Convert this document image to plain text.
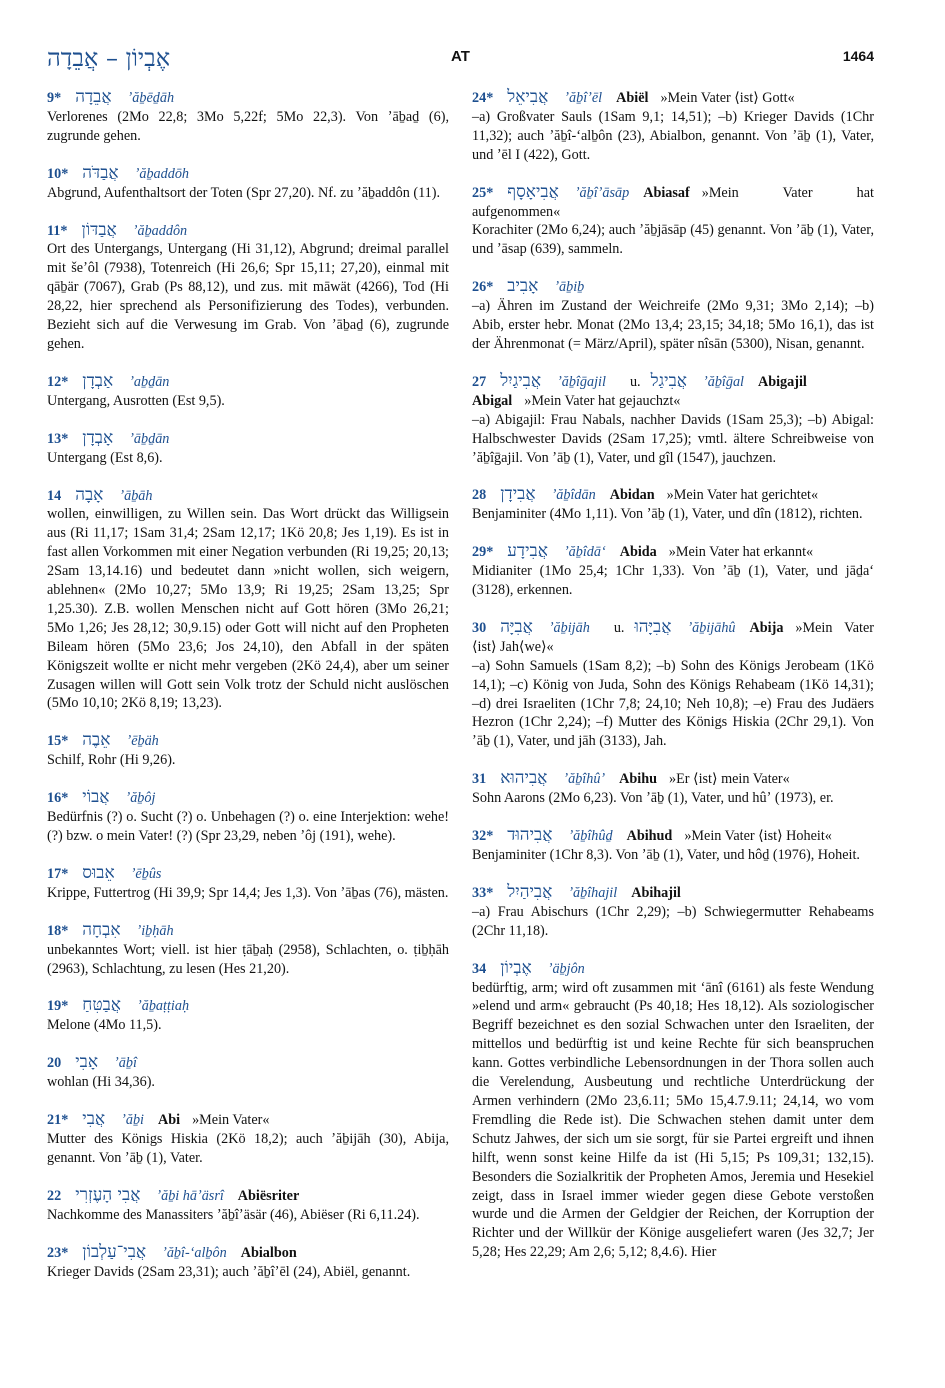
אֶבְיוֹן – אֲבֵדָה	AT	1464
9* אֲבֵדָה ʼăḇēḏāh
Verlorenes (2Mo 22,8; 3Mo 5,22f; 5Mo 22,3). Von ʼāḇaḏ (6), zugrunde gehen.
10* אֲבַדֹּה ʼăḇaddōh
Abgrund, Aufenthaltsort der Toten (Spr 27,20). Nf. zu ʼăḇaddôn (11).
11* אֲבַדּוֹן ʼăḇaddôn
Ort des Untergangs, Untergang (Hi 31,12), Abgrund; dreimal parallel mit šeʼôl (7938), Totenreich (Hi 26,6; Spr 15,11; 27,20), einmal mit qāḇär (7067), Grab (Ps 88,12), und zus. mit māwät (4266), Tod (Hi 28,22, hier sprechend als Personifizierung des Todes), verbunden. Bezieht sich auf die Verwesung im Grab. Von ʼāḇaḏ (6), zugrunde gehen.
12* אַבְדָן ʼaḇḏān
Untergang, Ausrotten (Est 9,5).
13* אָבְדָן ʼāḇḏān
Untergang (Est 8,6).
14 אָבָה ʼāḇāh
wollen, einwilligen, zu Willen sein. Das Wort drückt das Willigsein aus (Ri 11,17; 1Sam 31,4; 2Sam 12,17; 1Kö 20,8; Jes 1,19). Es ist in fast allen Vorkommen mit einer Negation verbunden (Ri 19,25; 20,13; 2Sam 13,14.16) und bedeutet dann »nicht wollen, sich weigern, ablehnen« (2Mo 10,27; 5Mo 13,9; Ri 19,25; 2Sam 13,25; Spr 1,25.30). Z.B. wollen Menschen nicht auf Gott hören (3Mo 26,21; 5Mo 1,26; Jes 28,12; 30,9.15) oder Gott will nicht auf den Propheten Bileam hören (5Mo 23,6; Jos 24,10), den Abfall in der späten Königszeit wollte er nicht mehr vergeben (2Kö 24,4), aber um seiner Zusagen willen will Gott sein Volk trotz der Schuld nicht auslöschen (5Mo 10,10; 2Kö 8,19; 13,23).
15* אֵבֶה ʼēḇäh
Schilf, Rohr (Hi 9,26).
16* אֲבוֹי ʼăḇôj
Bedürfnis (?) o. Sucht (?) o. Unbehagen (?) o. eine Interjektion: wehe! (?) bzw. o mein Vater! (?) (Spr 23,29, neben ʼôj (191), wehe).
17* אֵבוּס ʼēḇûs
Krippe, Futtertrog (Hi 39,9; Spr 14,4; Jes 1,3). Von ʼāḇas (76), mästen.
18* אִבְחָה ʼiḇḥāh
unbekanntes Wort; viell. ist hier ṭāḇaḥ (2958), Schlachten, o. ṭiḇḥāh (2963), Schlachtung, zu lesen (Hes 21,20).
19* אֲבַטִּחַ ʼăḇaṭṭiaḥ
Melone (4Mo 11,5).
20 אָבִי ʼāḇî
wohlan (Hi 34,36).
21* אֲבִי ʼăḇi Abi »Mein Vater«
Mutter des Königs Hiskia (2Kö 18,2); auch ʼăḇijāh (30), Abija, genannt. Von ʼāḇ (1), Vater.
22 אֲבִי הָעֶזְרִי ʼăḇi hāʼäsrî Abiësriter
Nachkomme des Manassiters ʼăḇîʼäsär (46), Abiëser (Ri 6,11.24).
23* אֲבִי־עַלְבוֹן ʼăḇî-ʻalḇôn Abialbon
Krieger Davids (2Sam 23,31); auch ʼăḇîʼēl (24), Abiël, genannt.
24* אֲבִיאֵל ʼăḇîʼēl Abiël »Mein Vater ⟨ist⟩ Gott«
–a) Großvater Sauls (1Sam 9,1; 14,51); –b) Krieger Davids (1Chr 11,32); auch ʼăḇî-ʻalḇôn (23), Abialbon, genannt. Von ʼāḇ (1), Vater, und ʼēl I (422), Gott.
25* אֲבִיאָסָף ʼăḇîʼāsāp Abiasaf »Mein Vater hat aufgenommen«
Korachiter (2Mo 6,24); auch ʼăḇjāsāp (45) genannt. Von ʼāḇ (1), Vater, und ʼāsap (639), sammeln.
26* אָבִיב ʼāḇiḇ
–a) Ähren im Zustand der Weichreife (2Mo 9,31; 3Mo 2,14); –b) Abib, erster hebr. Monat (2Mo 13,4; 23,15; 34,18; 5Mo 16,1), das ist der Ährenmonat (= März/April), später nîsān (5300), Nisan, genannt.
27 אֲבִיגַיִל ʼăḇîḡajil u. אֲבִיגַל ʼăḇîḡal Abigajil
Abigal »Mein Vater hat gejauchzt«
–a) Abigajil: Frau Nabals, nachher Davids (1Sam 25,3); –b) Abigal: Halbschwester Davids (2Sam 17,25); vmtl. ältere Schreibweise von ʼăḇîḡajil. Von ʼāḇ (1), Vater, und gîl (1547), jauchzen.
28 אֲבִידָן ʼăḇîdān Abidan »Mein Vater hat gerichtet«
Benjaminiter (4Mo 1,11). Von ʼāḇ (1), Vater, und dîn (1812), richten.
29* אֲבִידָע ʼăḇîdāʻ Abida »Mein Vater hat erkannt«
Midianiter (1Mo 25,4; 1Chr 1,33). Von ʼāḇ (1), Vater, und jāḏaʻ (3128), erkennen.
30 אֲבִיָּה ʼăḇijāh u. אֲבִיָּהוּ ʼăḇijāhû Abija »Mein Vater ⟨ist⟩ Jah⟨we⟩«
–a) Sohn Samuels (1Sam 8,2); –b) Sohn des Königs Jerobeam (1Kö 14,1); –c) König von Juda, Sohn des Königs Rehabeam (1Kö 14,31); –d) drei Israeliten (1Chr 7,8; 24,10; Neh 10,8); –e) Frau des Judäers Hezron (1Chr 2,24); –f) Mutter des Königs Hiskia (2Chr 29,1). Von ʼāḇ (1), Vater, und jāh (3133), Jah.
31 אֲבִיהוּא ʼăḇîhûʼ Abihu »Er ⟨ist⟩ mein Vater«
Sohn Aarons (2Mo 6,23). Von ʼāḇ (1), Vater, und hûʼ (1973), er.
32* אֲבִיהוּד ʼăḇîhûḏ Abihud »Mein Vater ⟨ist⟩ Hoheit«
Benjaminiter (1Chr 8,3). Von ʼāḇ (1), Vater, und hôḏ (1976), Hoheit.
33* אֲבִיהַיִל ʼăḇîhajil Abihajil
–a) Frau Abischurs (1Chr 2,29); –b) Schwiegermutter Rehabeams (2Chr 11,18).
34 אֶבְיוֹן ʼäḇjôn
bedürftig, arm; wird oft zusammen mit ʻānî (6161) als feste Wendung »elend und arm« gebraucht (Ps 40,18; Hes 18,12). Als soziologischer Begriff bezeichnet es den sozial Schwachen unter den Israeliten, der mittellos und bedürftig ist und keine Rechte für sich beanspruchen kann. Gottes verbindliche Lebensordnungen in der Thora sollen auch die Verelendung, Ausbeutung und rechtliche Unterdrückung der Armen verhindern (2Mo 23,6.11; 5Mo 15,4.7.9.11; 24,14, wo vom Fremdling die Rede ist). Die Schwachen stehen damit unter dem Schutz Jahwes, der sich um sie sorgt, für sie Partei ergreift und ihnen hilft, wenn sonst keine Hilfe da ist (Hi 5,15; Ps 109,31; 132,15). Besonders die Sozialkritik der Propheten Amos, Jeremia und Hesekiel zeigt, dass in Israel immer wieder gegen diese Gebote verstoßen wurde und die Armen der Geldgier der Reichen, der Korruption der Richter und der Willkür der Könige ausgeliefert waren (Jes 32,7; Jer 5,28; Hes 22,29; Am 2,6; 5,12; 8,4.6). Hier
